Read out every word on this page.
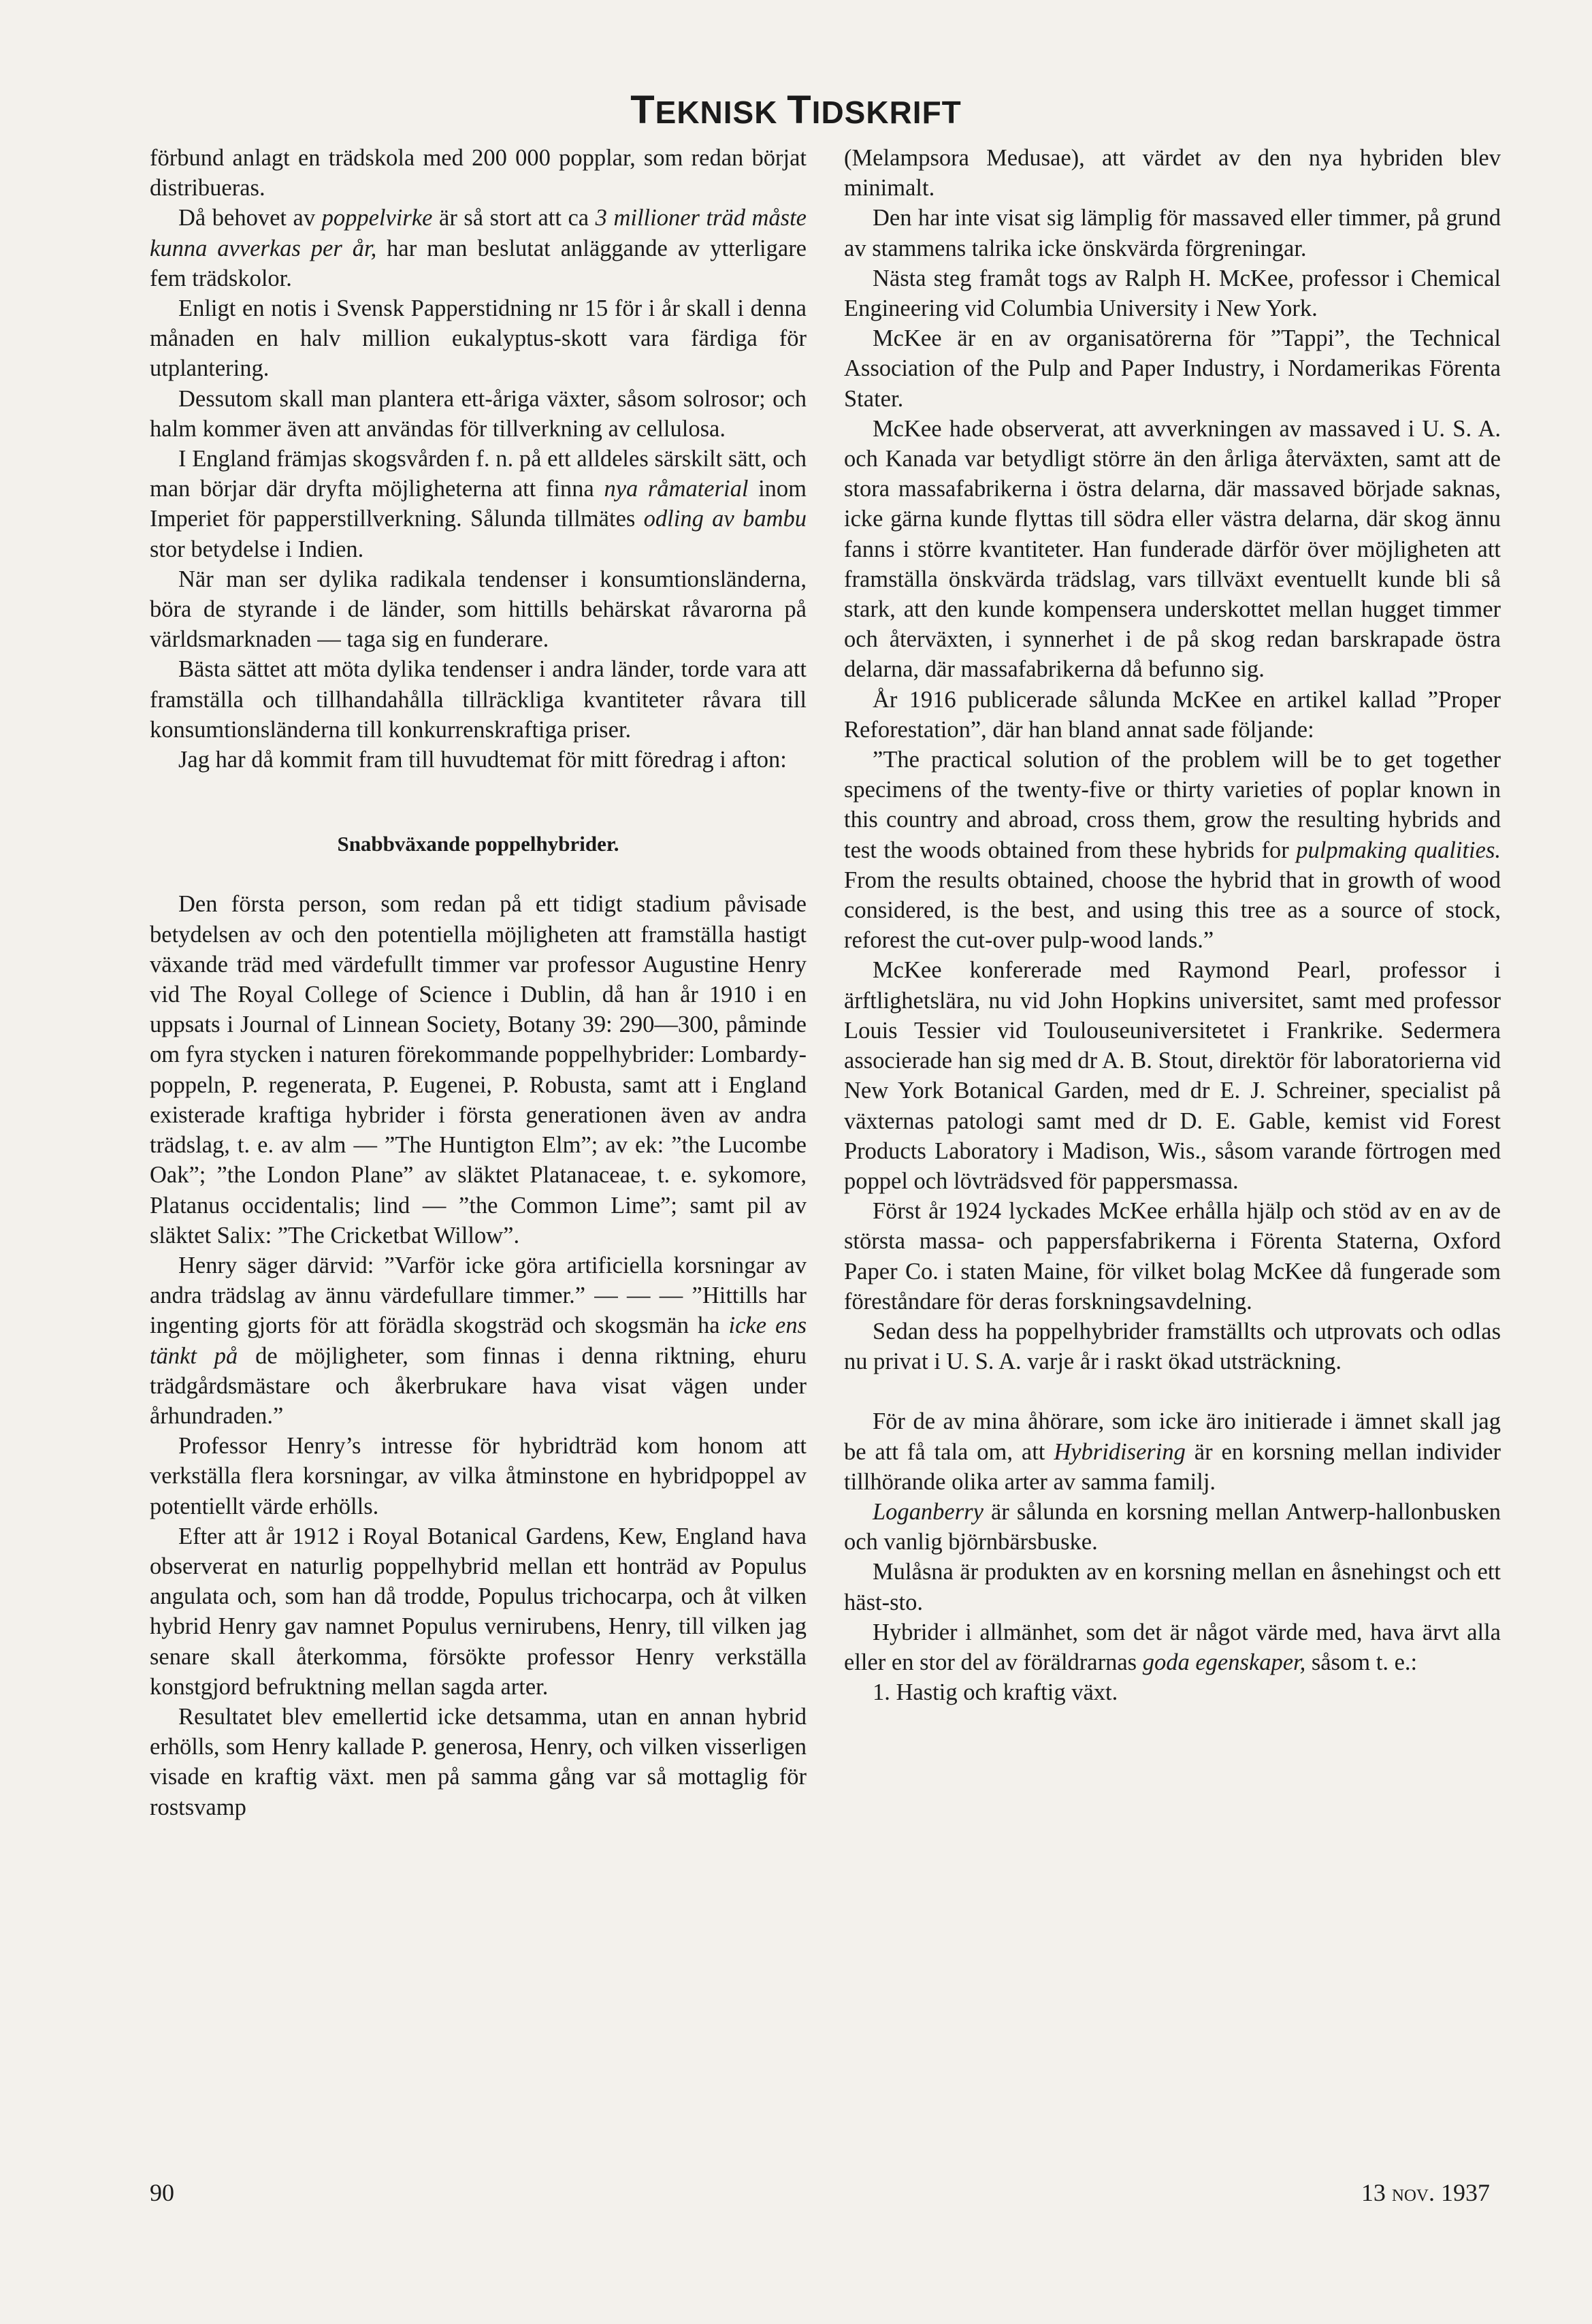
TEKNISK TIDSKRIFT

förbund anlagt en trädskola med 200 000 popplar, som redan börjat distribueras.

Då behovet av poppelvirke är så stort att ca 3 millioner träd måste kunna avverkas per år, har man beslutat anläggande av ytterligare fem trädskolor.

Enligt en notis i Svensk Papperstidning nr 15 för i år skall i denna månaden en halv million eukalyptus-skott vara färdiga för utplantering.

Dessutom skall man plantera ett-åriga växter, såsom solrosor; och halm kommer även att användas för tillverkning av cellulosa.

I England främjas skogsvården f. n. på ett alldeles särskilt sätt, och man börjar där dryfta möjligheterna att finna nya råmaterial inom Imperiet för papperstillverkning. Sålunda tillmätes odling av bambu stor betydelse i Indien.

När man ser dylika radikala tendenser i konsumtionsländerna, böra de styrande i de länder, som hittills behärskat råvarorna på världsmarknaden — taga sig en funderare.

Bästa sättet att möta dylika tendenser i andra länder, torde vara att framställa och tillhandahålla tillräckliga kvantiteter råvara till konsumtionsländerna till konkurrenskraftiga priser.

Jag har då kommit fram till huvudtemat för mitt föredrag i afton:

Snabbväxande poppelhybrider.

Den första person, som redan på ett tidigt stadium påvisade betydelsen av och den potentiella möjligheten att framställa hastigt växande träd med värdefullt timmer var professor Augustine Henry vid The Royal College of Science i Dublin, då han år 1910 i en uppsats i Journal of Linnean Society, Botany 39: 290—300, påminde om fyra stycken i naturen förekommande poppelhybrider: Lombardy-poppeln, P. regenerata, P. Eugenei, P. Robusta, samt att i England existerade kraftiga hybrider i första generationen även av andra trädslag, t. e. av alm — ”The Huntigton Elm”; av ek: ”the Lucombe Oak”; ”the London Plane” av släktet Platanaceae, t. e. sykomore, Platanus occidentalis; lind — ”the Common Lime”; samt pil av släktet Salix: ”The Cricketbat Willow”.

Henry säger därvid: ”Varför icke göra artificiella korsningar av andra trädslag av ännu värdefullare timmer.” — — — ”Hittills har ingenting gjorts för att förädla skogsträd och skogsmän ha icke ens tänkt på de möjligheter, som finnas i denna riktning, ehuru trädgårdsmästare och åkerbrukare hava visat vägen under århundraden.”

Professor Henry’s intresse för hybridträd kom honom att verkställa flera korsningar, av vilka åtminstone en hybridpoppel av potentiellt värde erhölls.

Efter att år 1912 i Royal Botanical Gardens, Kew, England hava observerat en naturlig poppelhybrid mellan ett honträd av Populus angulata och, som han då trodde, Populus trichocarpa, och åt vilken hybrid Henry gav namnet Populus vernirubens, Henry, till vilken jag senare skall återkomma, försökte professor Henry verkställa konstgjord befruktning mellan sagda arter.

Resultatet blev emellertid icke detsamma, utan en annan hybrid erhölls, som Henry kallade P. generosa, Henry, och vilken visserligen visade en kraftig växt. men på samma gång var så mottaglig för rostsvamp

(Melampsora Medusae), att värdet av den nya hybriden blev minimalt.

Den har inte visat sig lämplig för massaved eller timmer, på grund av stammens talrika icke önskvärda förgreningar.

Nästa steg framåt togs av Ralph H. McKee, professor i Chemical Engineering vid Columbia University i New York.

McKee är en av organisatörerna för ”Tappi”, the Technical Association of the Pulp and Paper Industry, i Nordamerikas Förenta Stater.

McKee hade observerat, att avverkningen av massaved i U. S. A. och Kanada var betydligt större än den årliga återväxten, samt att de stora massafabrikerna i östra delarna, där massaved började saknas, icke gärna kunde flyttas till södra eller västra delarna, där skog ännu fanns i större kvantiteter. Han funderade därför över möjligheten att framställa önskvärda trädslag, vars tillväxt eventuellt kunde bli så stark, att den kunde kompensera underskottet mellan hugget timmer och återväxten, i synnerhet i de på skog redan barskrapade östra delarna, där massafabrikerna då befunno sig.

År 1916 publicerade sålunda McKee en artikel kallad ”Proper Reforestation”, där han bland annat sade följande:

”The practical solution of the problem will be to get together specimens of the twenty-five or thirty varieties of poplar known in this country and abroad, cross them, grow the resulting hybrids and test the woods obtained from these hybrids for pulpmaking qualities. From the results obtained, choose the hybrid that in growth of wood considered, is the best, and using this tree as a source of stock, reforest the cut-over pulp-wood lands.”

McKee konfererade med Raymond Pearl, professor i ärftlighetslära, nu vid John Hopkins universitet, samt med professor Louis Tessier vid Toulouseuniversitetet i Frankrike. Sedermera associerade han sig med dr A. B. Stout, direktör för laboratorierna vid New York Botanical Garden, med dr E. J. Schreiner, specialist på växternas patologi samt med dr D. E. Gable, kemist vid Forest Products Laboratory i Madison, Wis., såsom varande förtrogen med poppel och lövträdsved för pappersmassa.

Först år 1924 lyckades McKee erhålla hjälp och stöd av en av de största massa- och pappersfabrikerna i Förenta Staterna, Oxford Paper Co. i staten Maine, för vilket bolag McKee då fungerade som föreståndare för deras forskningsavdelning.

Sedan dess ha poppelhybrider framställts och utprovats och odlas nu privat i U. S. A. varje år i raskt ökad utsträckning.

För de av mina åhörare, som icke äro initierade i ämnet skall jag be att få tala om, att Hybridisering är en korsning mellan individer tillhörande olika arter av samma familj.

Loganberry är sålunda en korsning mellan Antwerp-hallonbusken och vanlig björnbärsbuske.

Mulåsna är produkten av en korsning mellan en åsnehingst och ett häst-sto.

Hybrider i allmänhet, som det är något värde med, hava ärvt alla eller en stor del av föräldrarnas goda egenskaper, såsom t. e.:

1. Hastig och kraftig växt.

90	13 nov. 1937
